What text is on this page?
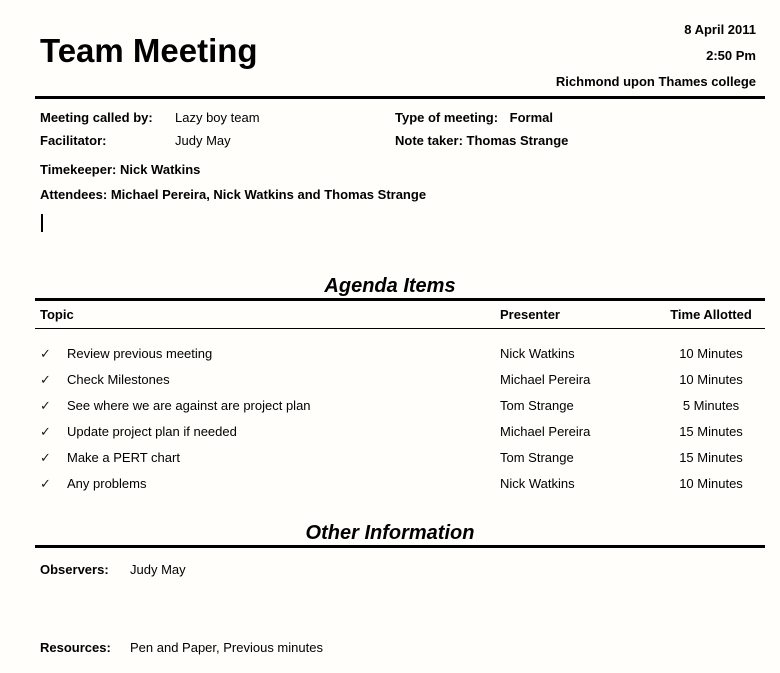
Team Meeting
8 April 2011
2:50 Pm
Richmond upon Thames college
Meeting called by:	Lazy boy team	Type of meeting: Formal
Facilitator:	Judy May	Note taker: Thomas Strange
Timekeeper: Nick Watkins
Attendees: Michael Pereira, Nick Watkins and Thomas Strange
Agenda Items
Topic	Presenter	Time Allotted
✓	Review previous meeting	Nick Watkins	10 Minutes
✓	Check Milestones	Michael Pereira	10 Minutes
✓	See where we are against are project plan	Tom Strange	5 Minutes
✓	Update project plan if needed	Michael Pereira	15 Minutes
✓	Make a PERT chart	Tom Strange	15 Minutes
✓	Any problems	Nick Watkins	10 Minutes
Other Information
Observers:	Judy May
Resources:	Pen and Paper, Previous minutes
